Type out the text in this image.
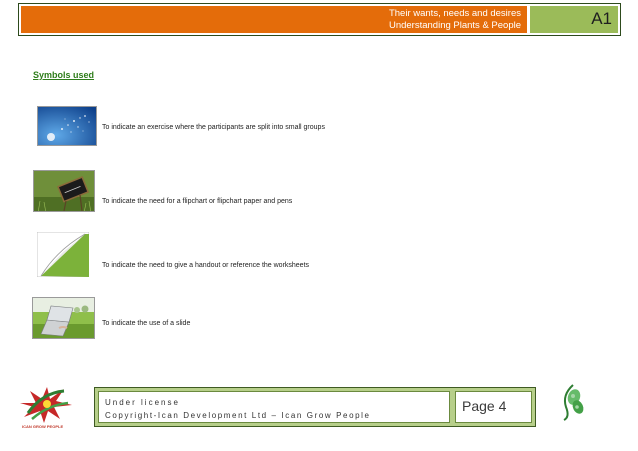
Their wants, needs and desires
Understanding Plants & People	A1
Symbols used
To indicate an exercise where the participants are split into small groups
To indicate the need for a flipchart or flipchart paper and pens
To indicate the need to give a handout or reference the worksheets
To indicate the use of a slide
ICAN GROW PEOPLE
Under license
Copyright-Ican Development Ltd – Ican Grow People
Page 4
